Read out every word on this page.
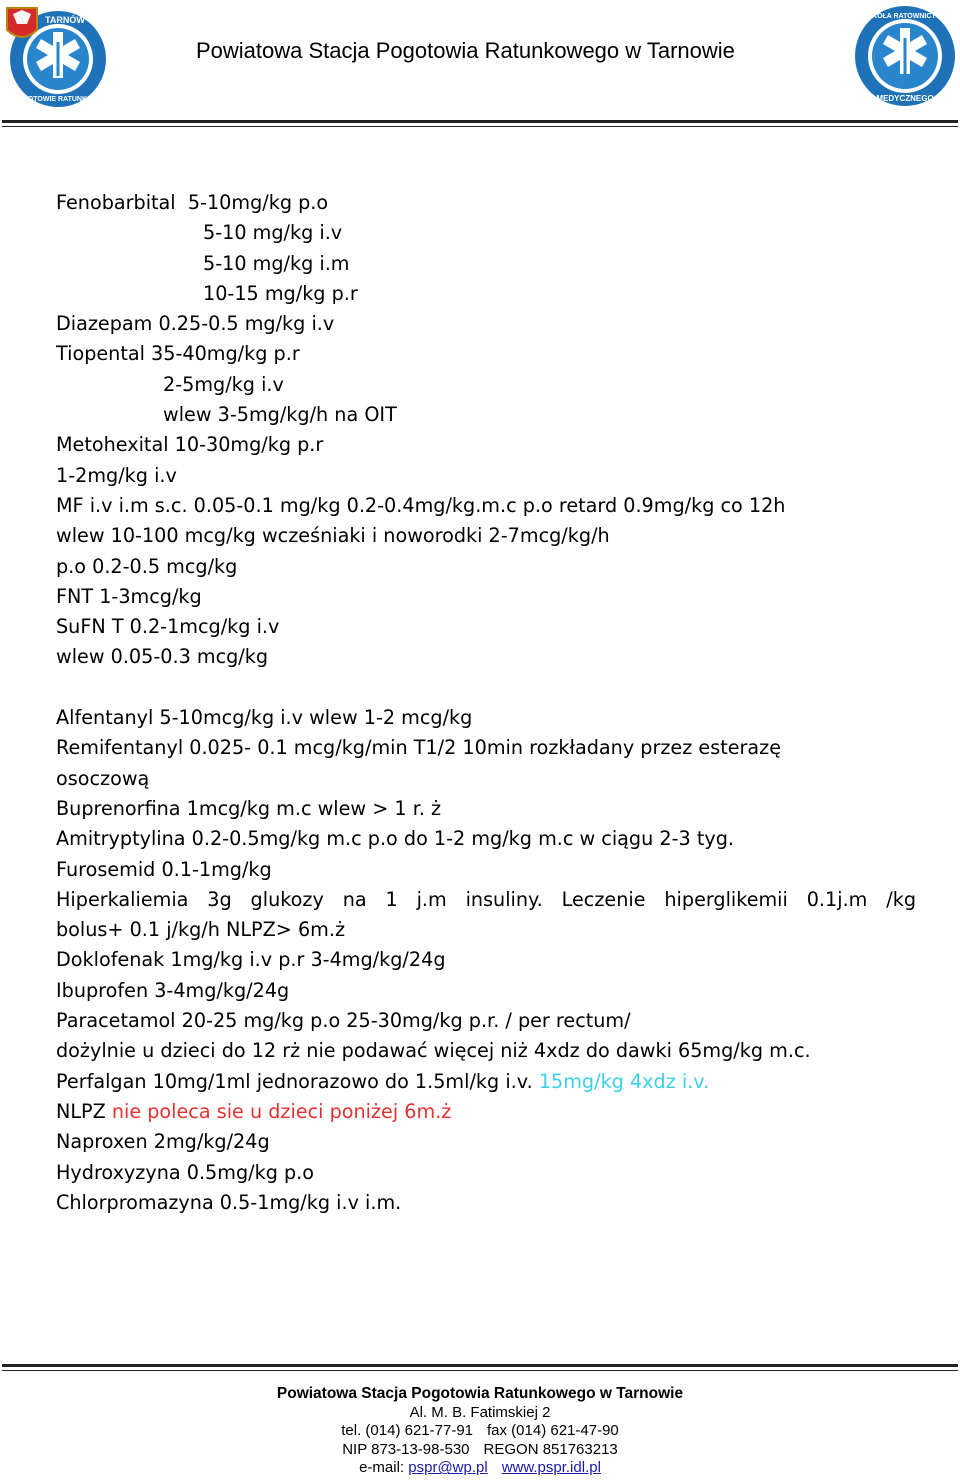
TARNÓW
POGOTOWIE RATUNKOWE
Powiatowa Stacja Pogotowia Ratunkowego w Tarnowie
SZKOŁA RATOWNICTWA
MEDYCZNEGO
Fenobarbital  5-10mg/kg p.o
5-10 mg/kg i.v
5-10 mg/kg i.m
10-15 mg/kg p.r
Diazepam 0.25-0.5 mg/kg i.v
Tiopental 35-40mg/kg p.r
2-5mg/kg i.v
wlew 3-5mg/kg/h na OIT
Metohexital 10-30mg/kg p.r
1-2mg/kg i.v
MF i.v i.m s.c. 0.05-0.1 mg/kg 0.2-0.4mg/kg.m.c p.o retard 0.9mg/kg co 12h
wlew 10-100 mcg/kg wcześniaki i noworodki 2-7mcg/kg/h
p.o 0.2-0.5 mcg/kg
FNT 1-3mcg/kg
SuFN T 0.2-1mcg/kg i.v
wlew 0.05-0.3 mcg/kg
Alfentanyl 5-10mcg/kg i.v wlew 1-2 mcg/kg
Remifentanyl 0.025- 0.1 mcg/kg/min T1/2 10min rozkładany przez esterazę
osoczową
Buprenorfina 1mcg/kg m.c wlew > 1 r. ż
Amitryptylina 0.2-0.5mg/kg m.c p.o do 1-2 mg/kg m.c w ciągu 2-3 tyg.
Furosemid 0.1-1mg/kg
Hiperkaliemia 3g glukozy na 1 j.m insuliny. Leczenie hiperglikemii 0.1j.m /kg
bolus+ 0.1 j/kg/h NLPZ> 6m.ż
Doklofenak 1mg/kg i.v p.r 3-4mg/kg/24g
Ibuprofen 3-4mg/kg/24g
Paracetamol 20-25 mg/kg p.o 25-30mg/kg p.r. / per rectum/
dożylnie u dzieci do 12 rż nie podawać więcej niż 4xdz do dawki 65mg/kg m.c.
Perfalgan 10mg/1ml jednorazowo do 1.5ml/kg i.v. 15mg/kg 4xdz i.v.
NLPZ nie poleca sie u dzieci poniżej 6m.ż
Naproxen 2mg/kg/24g
Hydroxyzyna 0.5mg/kg p.o
Chlorpromazyna 0.5-1mg/kg i.v i.m.
Powiatowa Stacja Pogotowia Ratunkowego w Tarnowie
Al. M. B. Fatimskiej 2
tel. (014) 621-77-91 fax (014) 621-47-90
NIP 873-13-98-530 REGON 851763213
e-mail: pspr@wp.pl www.pspr.idl.pl
